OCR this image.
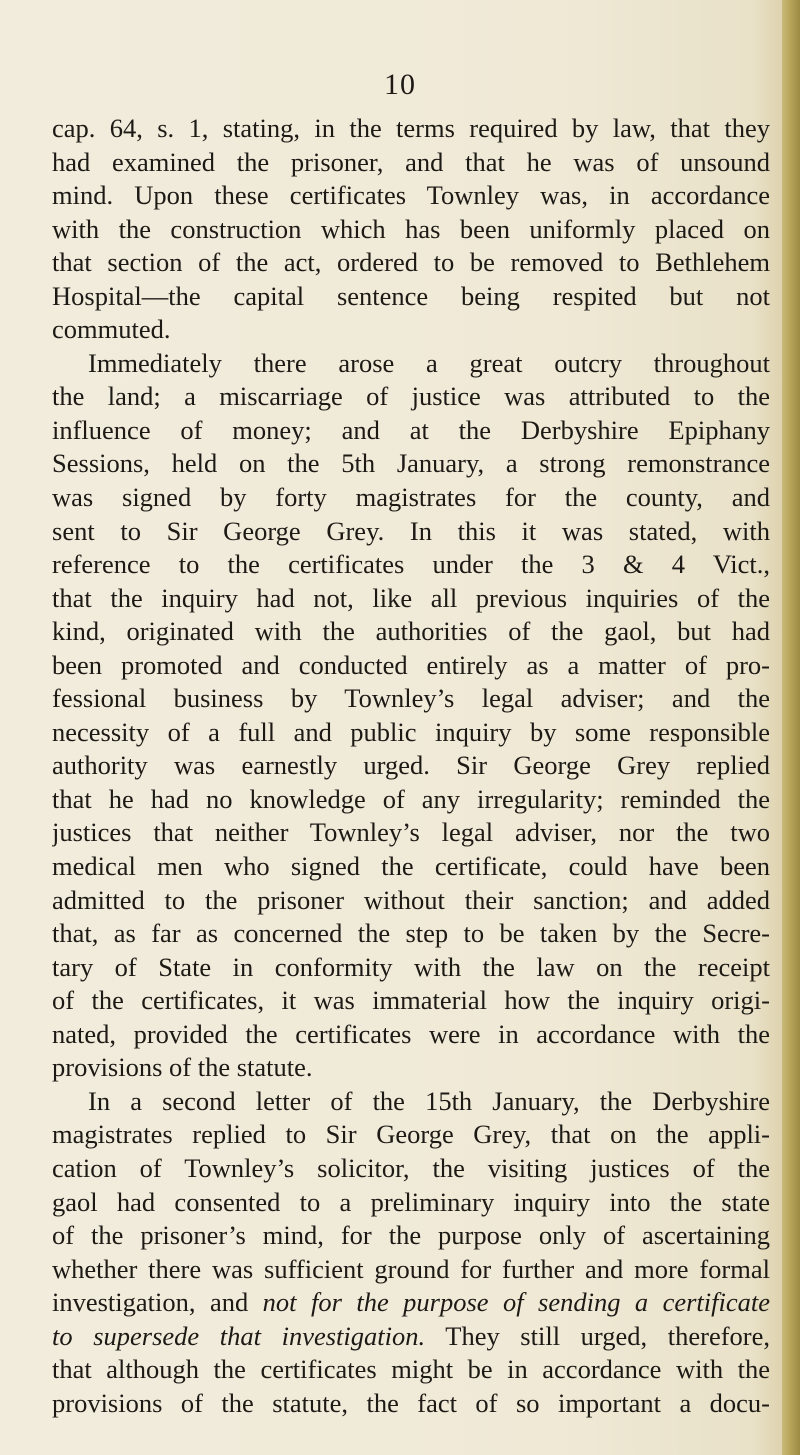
10
cap. 64, s. 1, stating, in the terms required by law, that they
had examined the prisoner, and that he was of unsound
mind. Upon these certificates Townley was, in accordance
with the construction which has been uniformly placed on
that section of the act, ordered to be removed to Bethlehem
Hospital—the capital sentence being respited but not
commuted.
Immediately there arose a great outcry throughout
the land; a miscarriage of justice was attributed to the
influence of money; and at the Derbyshire Epiphany
Sessions, held on the 5th January, a strong remonstrance
was signed by forty magistrates for the county, and
sent to Sir George Grey. In this it was stated, with
reference to the certificates under the 3 & 4 Vict.,
that the inquiry had not, like all previous inquiries of the
kind, originated with the authorities of the gaol, but had
been promoted and conducted entirely as a matter of pro-
fessional business by Townley’s legal adviser; and the
necessity of a full and public inquiry by some responsible
authority was earnestly urged. Sir George Grey replied
that he had no knowledge of any irregularity; reminded the
justices that neither Townley’s legal adviser, nor the two
medical men who signed the certificate, could have been
admitted to the prisoner without their sanction; and added
that, as far as concerned the step to be taken by the Secre-
tary of State in conformity with the law on the receipt
of the certificates, it was immaterial how the inquiry origi-
nated, provided the certificates were in accordance with the
provisions of the statute.
In a second letter of the 15th January, the Derbyshire
magistrates replied to Sir George Grey, that on the appli-
cation of Townley’s solicitor, the visiting justices of the
gaol had consented to a preliminary inquiry into the state
of the prisoner’s mind, for the purpose only of ascertaining
whether there was sufficient ground for further and more formal
investigation, and not for the purpose of sending a certificate
to supersede that investigation. They still urged, therefore,
that although the certificates might be in accordance with the
provisions of the statute, the fact of so important a docu-
